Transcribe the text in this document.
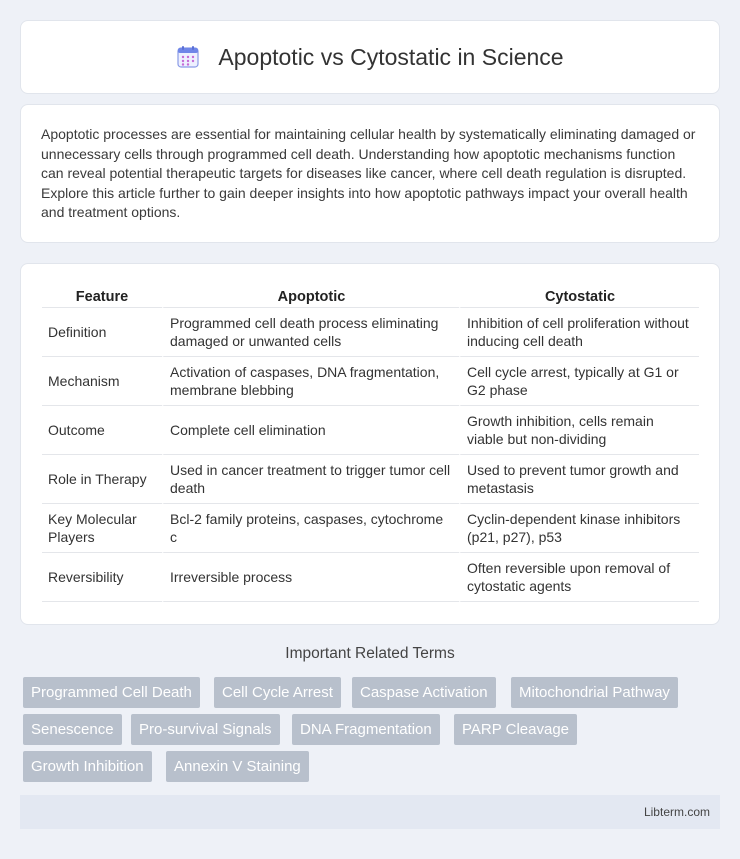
Apoptotic vs Cytostatic in Science

Apoptotic processes are essential for maintaining cellular health by systematically eliminating damaged or unnecessary cells through programmed cell death. Understanding how apoptotic mechanisms function can reveal potential therapeutic targets for diseases like cancer, where cell death regulation is disrupted. Explore this article further to gain deeper insights into how apoptotic pathways impact your overall health and treatment options.

Feature	Apoptotic	Cytostatic
Definition	Programmed cell death process eliminating damaged or unwanted cells	Inhibition of cell proliferation without inducing cell death
Mechanism	Activation of caspases, DNA fragmentation, membrane blebbing	Cell cycle arrest, typically at G1 or G2 phase
Outcome	Complete cell elimination	Growth inhibition, cells remain viable but non-dividing
Role in Therapy	Used in cancer treatment to trigger tumor cell death	Used to prevent tumor growth and metastasis
Key Molecular Players	Bcl-2 family proteins, caspases, cytochrome c	Cyclin-dependent kinase inhibitors (p21, p27), p53
Reversibility	Irreversible process	Often reversible upon removal of cytostatic agents
Important Related Terms
Programmed Cell Death	Cell Cycle Arrest	Caspase Activation	Mitochondrial Pathway
Senescence	Pro-survival Signals	DNA Fragmentation	PARP Cleavage
Growth Inhibition	Annexin V Staining
Libterm.com
